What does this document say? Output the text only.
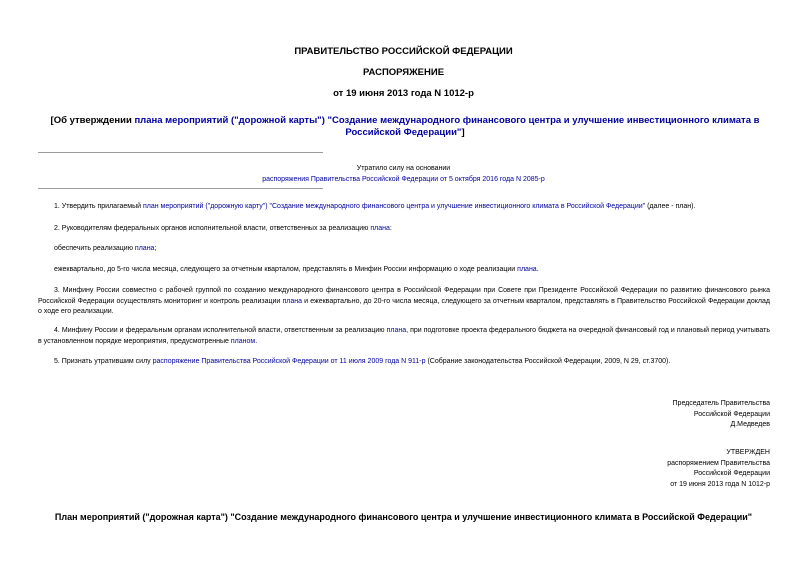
ПРАВИТЕЛЬСТВО РОССИЙСКОЙ ФЕДЕРАЦИИ
РАСПОРЯЖЕНИЕ
от 19 июня 2013 года N 1012-р
[Об утверждении плана мероприятий ("дорожной карты") "Создание международного финансового центра и улучшение инвестиционного климата в Российской Федерации"]
Утратило силу на основании
распоряжения Правительства Российской Федерации от 5 октября 2016 года N 2085-р
1. Утвердить прилагаемый план мероприятий ("дорожную карту") "Создание международного финансового центра и улучшение инвестиционного климата в Российской Федерации" (далее - план).
2. Руководителям федеральных органов исполнительной власти, ответственных за реализацию плана:
обеспечить реализацию плана;
ежеквартально, до 5-го числа месяца, следующего за отчетным кварталом, представлять в Минфин России информацию о ходе реализации плана.
3. Минфину России совместно с рабочей группой по созданию международного финансового центра в Российской Федерации при Совете при Президенте Российской Федерации по развитию финансового рынка Российской Федерации осуществлять мониторинг и контроль реализации плана и ежеквартально, до 20-го числа месяца, следующего за отчетным кварталом, представлять в Правительство Российской Федерации доклад о ходе его реализации.
4. Минфину России и федеральным органам исполнительной власти, ответственным за реализацию плана, при подготовке проекта федерального бюджета на очередной финансовый год и плановый период учитывать в установленном порядке мероприятия, предусмотренные планом.
5. Признать утратившим силу распоряжение Правительства Российской Федерации от 11 июля 2009 года N 911-р (Собрание законодательства Российской Федерации, 2009, N 29, ст.3700).
Председатель Правительства
Российской Федерации
Д.Медведев
УТВЕРЖДЕН
распоряжением Правительства
Российской Федерации
от 19 июня 2013 года N 1012-р
План мероприятий ("дорожная карта") "Создание международного финансового центра и улучшение инвестиционного климата в Российской Федерации"
